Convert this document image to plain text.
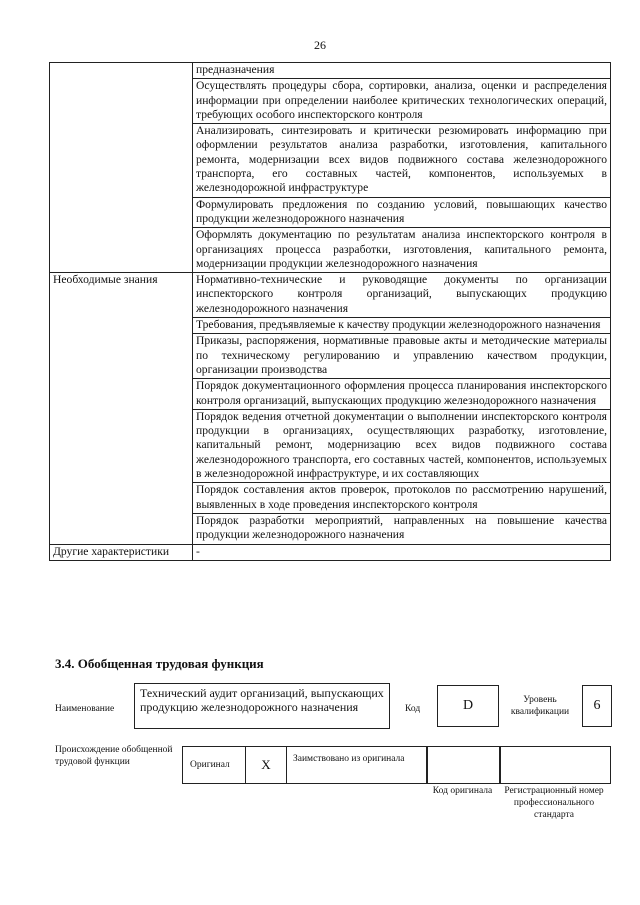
26
	предназначения
	Осуществлять процедуры сбора, сортировки, анализа, оценки и распределения информации при определении наиболее критических технологических операций, требующих особого инспекторского контроля
	Анализировать, синтезировать и критически резюмировать информацию при оформлении результатов анализа разработки, изготовления, капитального ремонта, модернизации всех видов подвижного состава железнодорожного транспорта, его составных частей, компонентов, используемых в железнодорожной инфраструктуре
	Формулировать предложения по созданию условий, повышающих качество продукции железнодорожного назначения
	Оформлять документацию по результатам анализа инспекторского контроля в организациях процесса разработки, изготовления, капитального ремонта, модернизации продукции железнодорожного назначения
Необходимые знания	Нормативно-технические и руководящие документы по организации инспекторского контроля организаций, выпускающих продукцию железнодорожного назначения
	Требования, предъявляемые к качеству продукции железнодорожного назначения
	Приказы, распоряжения, нормативные правовые акты и методические материалы по техническому регулированию и управлению качеством продукции, организации производства
	Порядок документационного оформления процесса планирования инспекторского контроля организаций, выпускающих продукцию железнодорожного назначения
	Порядок ведения отчетной документации о выполнении инспекторского контроля продукции в организациях, осуществляющих разработку, изготовление, капитальный ремонт, модернизацию всех видов подвижного состава железнодорожного транспорта, его составных частей, компонентов, используемых в железнодорожной инфраструктуре, и их составляющих
	Порядок составления актов проверок, протоколов по рассмотрению нарушений, выявленных в ходе проведения инспекторского контроля
	Порядок разработки мероприятий, направленных на повышение качества продукции железнодорожного назначения
Другие характеристики	-
3.4. Обобщенная трудовая функция
Наименование
Технический аудит организаций, выпускающих продукцию железнодорожного назначения	Код	D	Уровень квалификации	6
Происхождение обобщенной трудовой функции	Оригинал	X	Заимствовано из оригинала
Код оригинала	Регистрационный номер профессионального стандарта
